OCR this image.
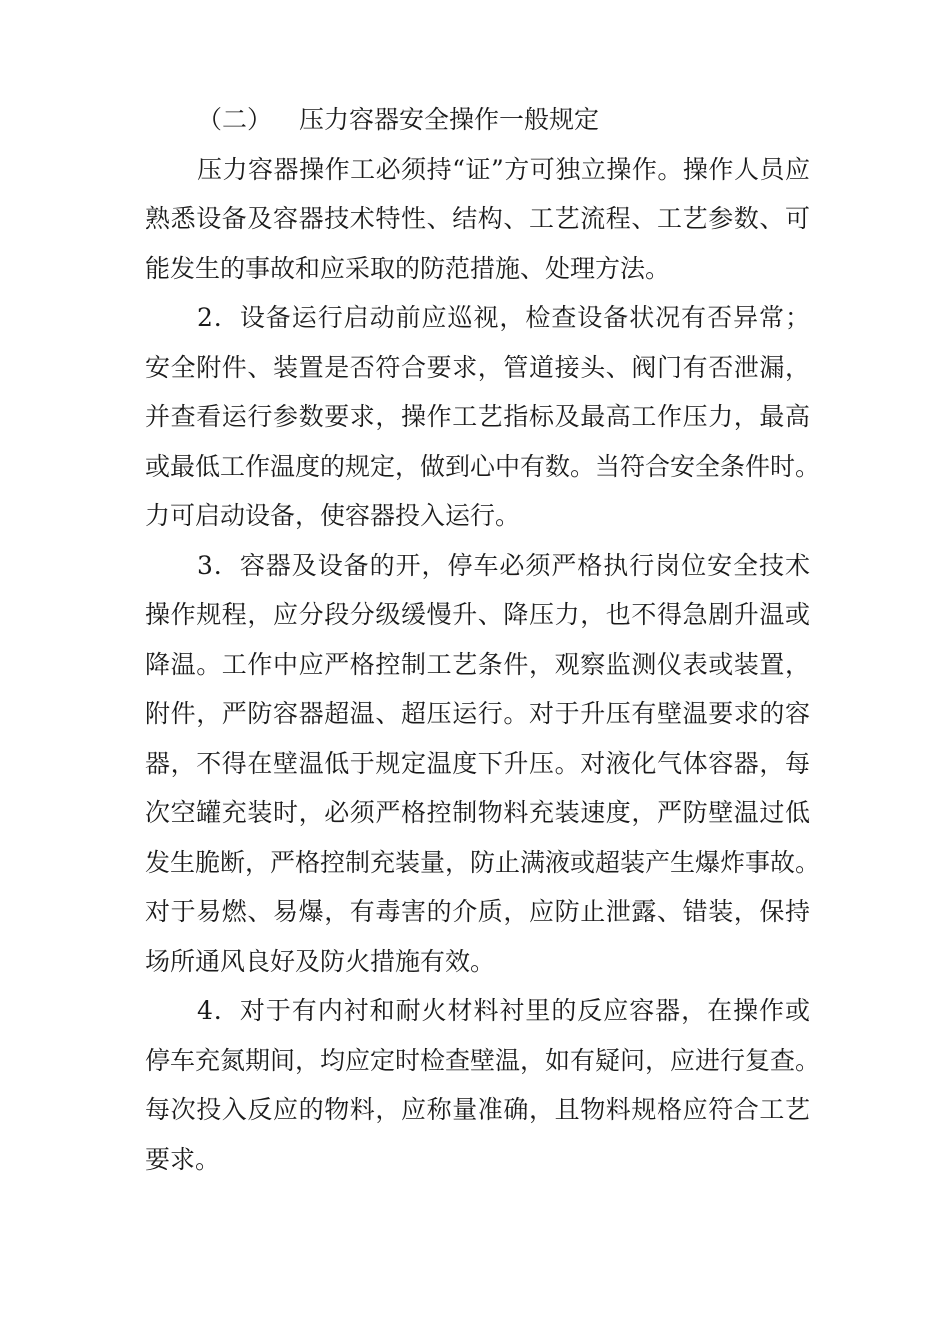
（二） 压力容器安全操作一般规定
压力容器操作工必须持“证”方可独立操作。操作人员应
熟悉设备及容器技术特性、结构、工艺流程、工艺参数、可
能发生的事故和应采取的防范措施、处理方法。
2．设备运行启动前应巡视，检查设备状况有否异常；
安全附件、装置是否符合要求，管道接头、阀门有否泄漏，
并查看运行参数要求，操作工艺指标及最高工作压力，最高
或最低工作温度的规定，做到心中有数。当符合安全条件时。
力可启动设备，使容器投入运行。
3．容器及设备的开，停车必须严格执行岗位安全技术
操作规程，应分段分级缓慢升、降压力，也不得急剧升温或
降温。工作中应严格控制工艺条件，观察监测仪表或装置，
附件，严防容器超温、超压运行。对于升压有壁温要求的容
器，不得在壁温低于规定温度下升压。对液化气体容器，每
次空罐充装时，必须严格控制物料充装速度，严防壁温过低
发生脆断，严格控制充装量，防止满液或超装产生爆炸事故。
对于易燃、易爆，有毒害的介质，应防止泄露、错装，保持
场所通风良好及防火措施有效。
4．对于有内衬和耐火材料衬里的反应容器，在操作或
停车充氮期间，均应定时检查壁温，如有疑问，应进行复查。
每次投入反应的物料，应称量准确，且物料规格应符合工艺
要求。
